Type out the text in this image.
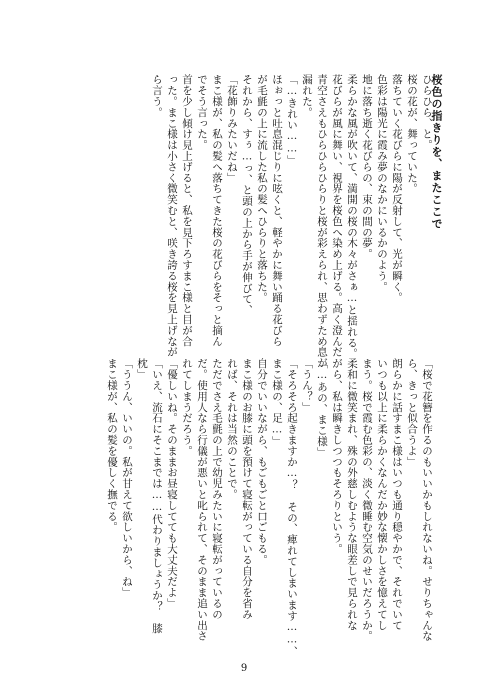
桜色の指きりを、またここで
ひらひら、と。
桜の花が、舞っていた。
落ちていく花びらに陽が反射して、光が瞬く。
色彩は陽光に霞み夢のなかにいるかのよう。
地に落ち逝く花びらの、束の間の夢。
柔らかな風が吹いて、満開の桜の木々がさぁ…と揺れる。
花びらが風に舞い、視界を桜色へ染め上げる。高く澄んだ
青空さえもひらひらひらりと桜が彩えられ、思わずため息が
漏れた。
「…きれい……」
ほぉっと吐息混じりに呟くと、軽やかに舞い踊る花びら
が毛氈の上に流した私の髪へひらりと落ちた。
それから、すぅ…っ、と頭の上から手が伸びて、
「花飾りみたいだね」
まこ様が、私の髪へ落ちてきた桜の花びらをそっと摘ん
でそう言った。
首を少し傾け見上げると、私を見下ろすまこ様と目が合
った。まこ様は小さく微笑むと、咲き誇る桜を見上げなが
ら言う。
「桜で花簪を作るのもいいかもしれないね。せりちゃんな
ら、きっと似合うよ」
朗らかに話すまこ様はいつも通り穏やかで、それでいて
いつも以上に柔らかくなんだか妙な懐かしさを憶えてし
まう。桜で霞む色彩の、淡く微睡む空気のせいだろうか。
柔和に微笑まれ、殊の外慈しむような眼差しで見られな
がら、私は瞬きしつつもそろりという。
「…あの、まこ様」
「うん？」
「そろそろ起きますか…？　その、痺れてしまいます……、
まこ様の、足…」
自分でいいながら、もごもごと口ごもる。
まこ様のお膝に頭を預けて寝転がっている自分を省み
れば、それは当然のことで。
ただでさえ毛氈の上で幼児みたいに寝転がっているの
だ。使用人なら行儀が悪いと叱られて、そのまま追い出さ
れてしまうだろう。
「優しいね。そのままお昼寝してても大丈夫だよ」
「いえ、流石にそこまでは……代わりましょうか？　膝
枕」
「ううん、いいの。私が甘えて欲しいから、ね」
まこ様が、私の髪を優しく撫でる。
9
